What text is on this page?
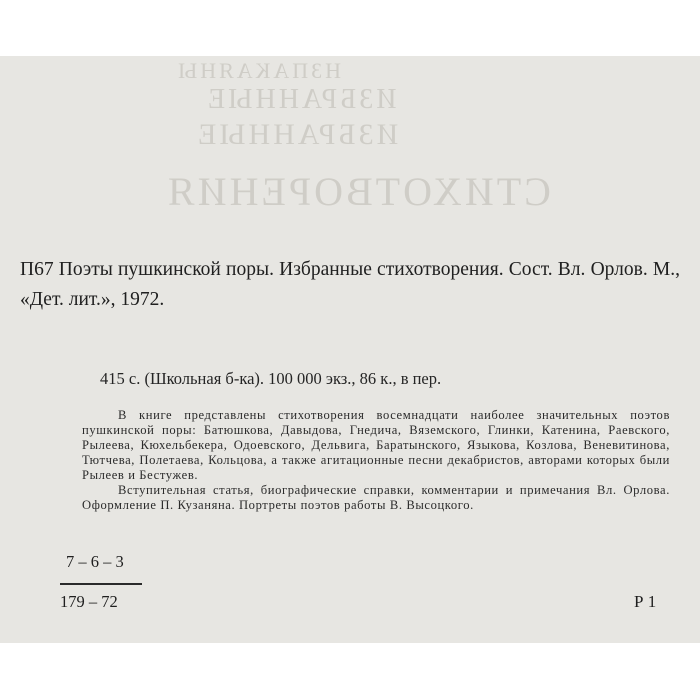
НЗПАКАЯНЫ
ИЗБРАННЫЕ
ИЗБРАННЫЕ
СТИХОТВОРЕНИЯ
П67 Поэты пушкинской поры. Избранные стихотворения. Сост. Вл. Орлов. М., «Дет. лит.», 1972.
415 с. (Школьная б-ка). 100 000 экз., 86 к., в пер.

В книге представлены стихотворения восемнадцати наиболее значительных поэтов пушкинской поры: Батюшкова, Давыдова, Гнедича, Вяземского, Глинки, Катенина, Раевского, Рылеева, Кюхельбекера, Одоевского, Дельвига, Баратынского, Языкова, Козлова, Веневитинова, Тютчева, Полетаева, Кольцова, а также агитационные песни декабристов, авторами которых были Рылеев и Бестужев.

Вступительная статья, биографические справки, комментарии и примечания Вл. Орлова. Оформление П. Кузаняна. Портреты поэтов работы В. Высоцкого.

7 – 6 – 3
179 – 72	Р 1
